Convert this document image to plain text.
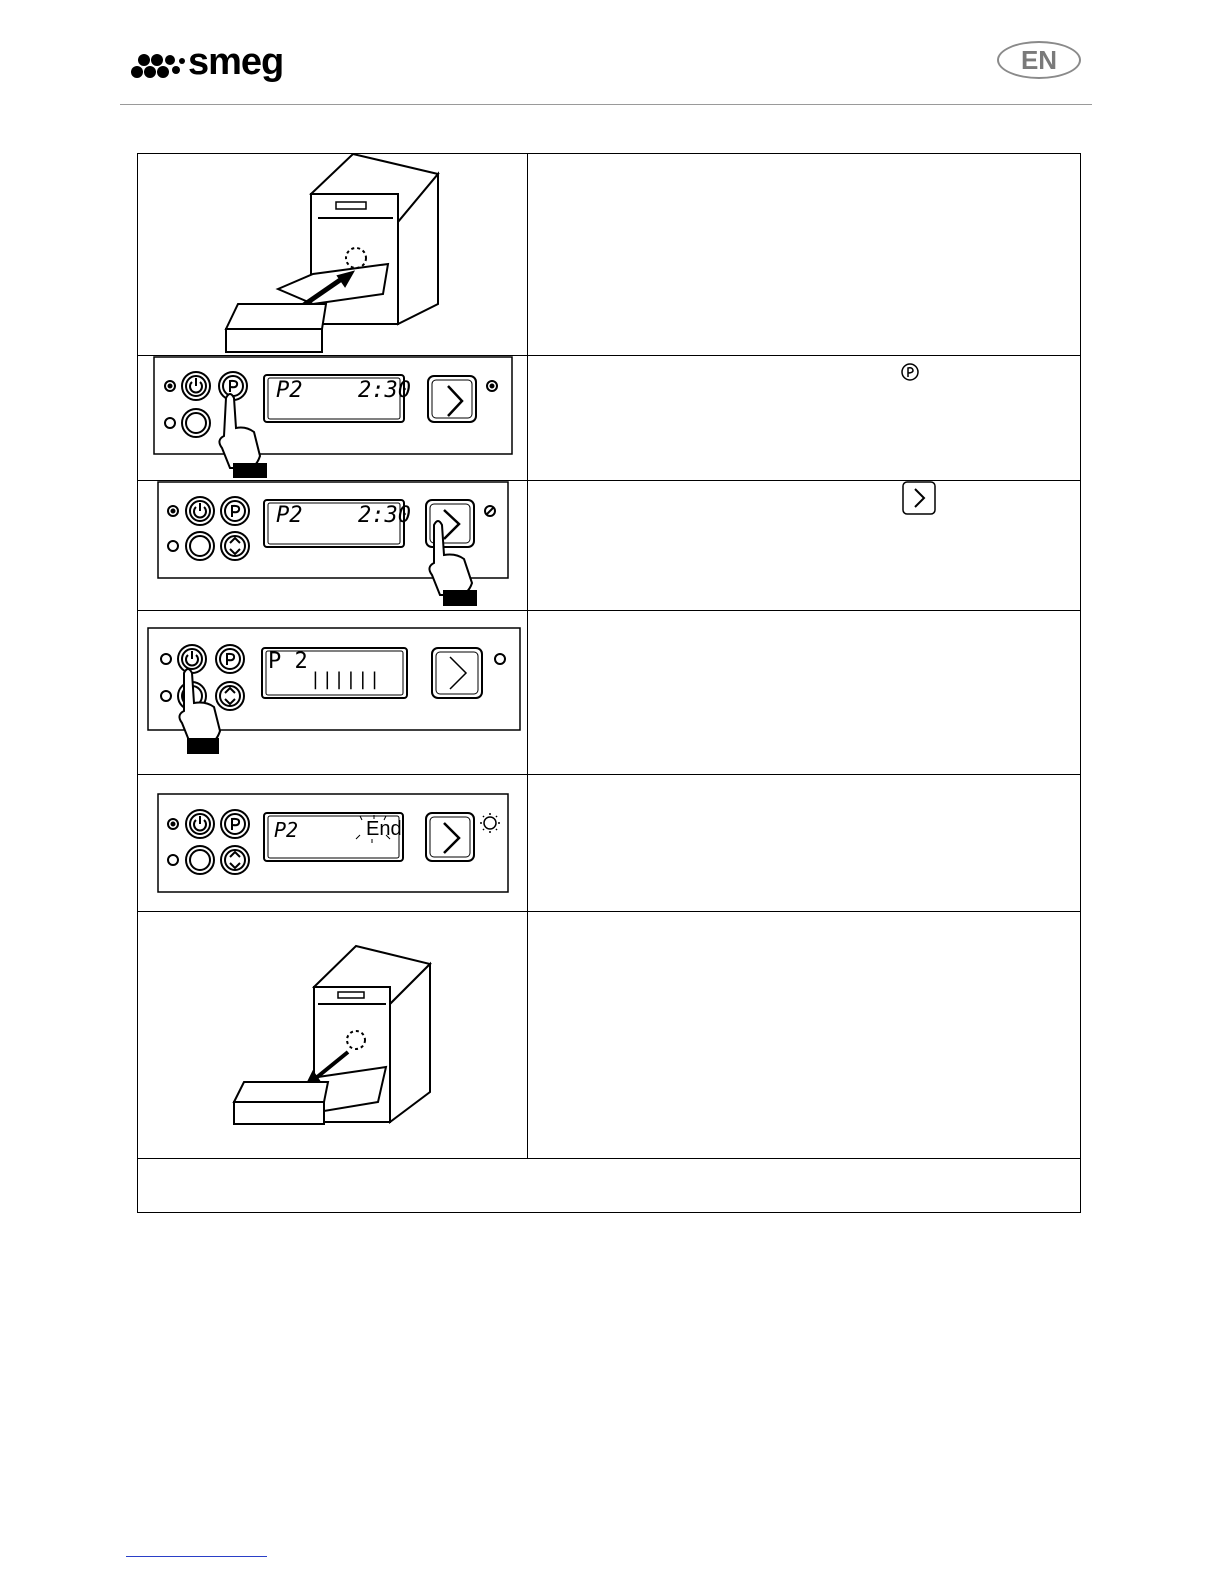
smeg	EN
P2	2:30
P2	2:30
P 2
||||||
P2	End
